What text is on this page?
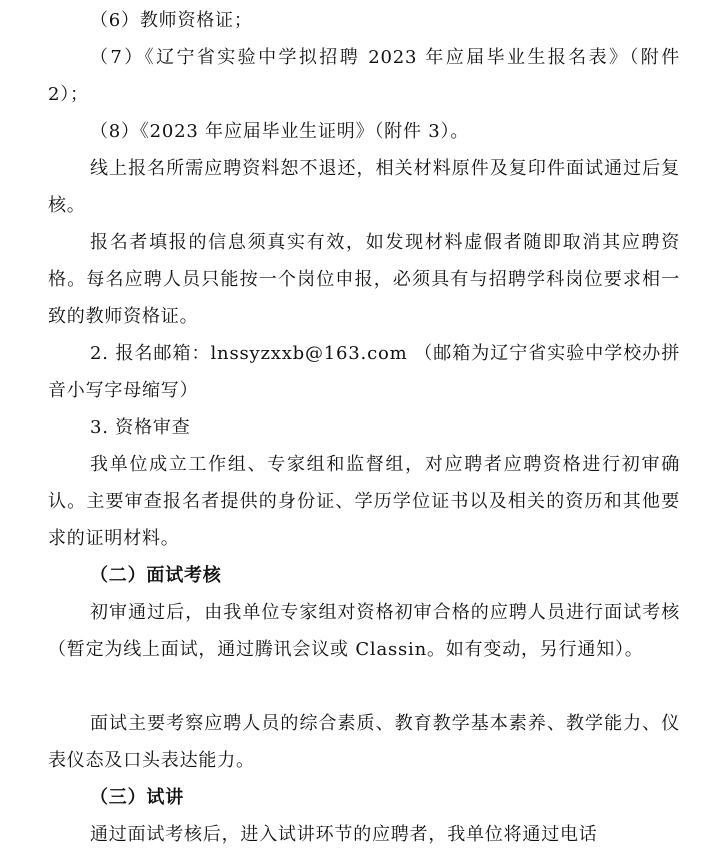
（6）教师资格证；

（7）《辽宁省实验中学拟招聘 2023 年应届毕业生报名表》（附件 2）；

（8）《2023 年应届毕业生证明》（附件 3）。

线上报名所需应聘资料恕不退还，相关材料原件及复印件面试通过后复核。

报名者填报的信息须真实有效，如发现材料虚假者随即取消其应聘资格。每名应聘人员只能按一个岗位申报，必须具有与招聘学科岗位要求相一致的教师资格证。

2. 报名邮箱：lnssyzxxb@163.com （邮箱为辽宁省实验中学校办拼音小写字母缩写）

3. 资格审查

我单位成立工作组、专家组和监督组，对应聘者应聘资格进行初审确认。主要审查报名者提供的身份证、学历学位证书以及相关的资历和其他要求的证明材料。

（二）面试考核

初审通过后，由我单位专家组对资格初审合格的应聘人员进行面试考核（暂定为线上面试，通过腾讯会议或 Classin。如有变动，另行通知）。

面试主要考察应聘人员的综合素质、教育教学基本素养、教学能力、仪表仪态及口头表达能力。

（三）试讲

通过面试考核后，进入试讲环节的应聘者，我单位将通过电话
